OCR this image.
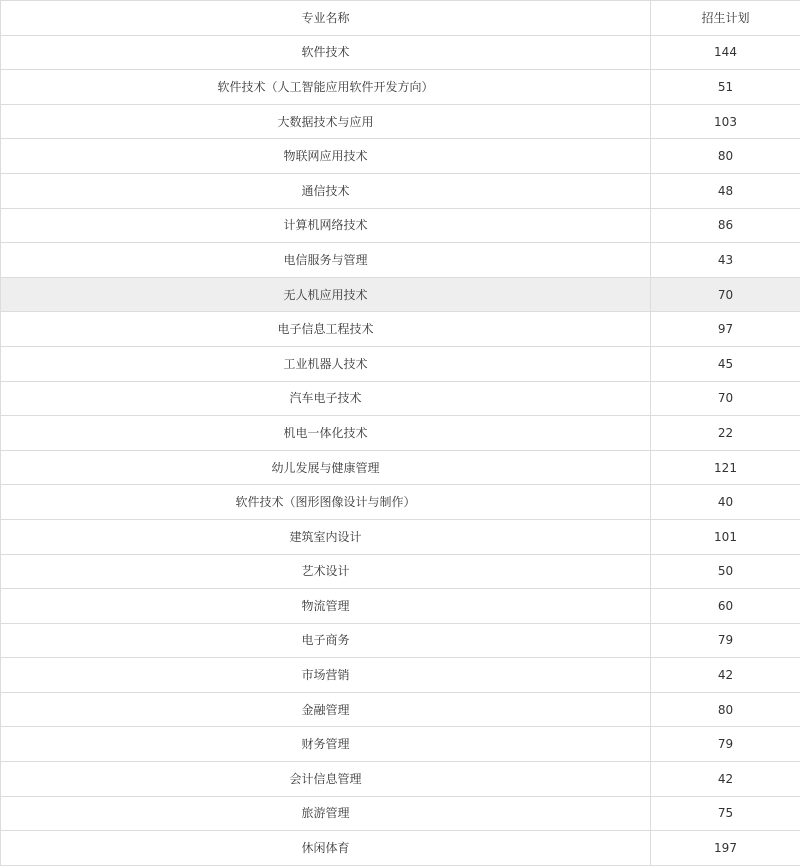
专业名称	招生计划
软件技术	144
软件技术（人工智能应用软件开发方向）	51
大数据技术与应用	103
物联网应用技术	80
通信技术	48
计算机网络技术	86
电信服务与管理	43
无人机应用技术	70
电子信息工程技术	97
工业机器人技术	45
汽车电子技术	70
机电一体化技术	22
幼儿发展与健康管理	121
软件技术（图形图像设计与制作）	40
建筑室内设计	101
艺术设计	50
物流管理	60
电子商务	79
市场营销	42
金融管理	80
财务管理	79
会计信息管理	42
旅游管理	75
休闲体育	197
